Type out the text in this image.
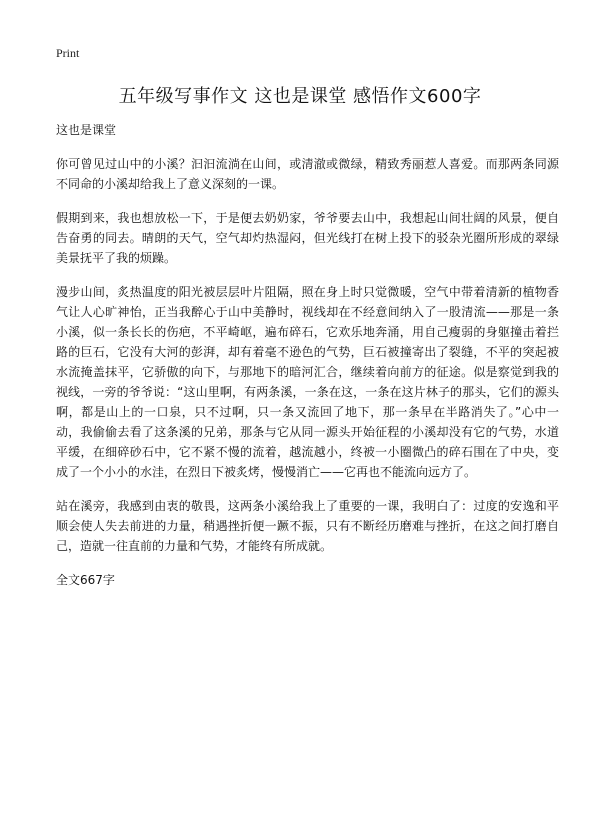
Print
五年级写事作文 这也是课堂 感悟作文600字

这也是课堂

你可曾见过山中的小溪？汩汩流淌在山间，或清澈或微绿，精致秀丽惹人喜爱。而那两条同源不同命的小溪却给我上了意义深刻的一课。

假期到来，我也想放松一下，于是便去奶奶家，爷爷要去山中，我想起山间壮阔的风景，便自告奋勇的同去。晴朗的天气，空气却灼热湿闷，但光线打在树上投下的驳杂光圈所形成的翠绿美景抚平了我的烦躁。

漫步山间，炙热温度的阳光被层层叶片阻隔，照在身上时只觉微暖，空气中带着清新的植物香气让人心旷神怡，正当我醉心于山中美静时，视线却在不经意间纳入了一股清流——那是一条小溪，似一条长长的伤疤，不平崎岖，遍布碎石，它欢乐地奔涌，用自己瘦弱的身躯撞击着拦路的巨石，它没有大河的彭湃，却有着毫不逊色的气势，巨石被撞寄出了裂缝，不平的突起被水流掩盖抹平，它骄傲的向下，与那地下的暗河汇合，继续着向前方的征途。似是察觉到我的视线，一旁的爷爷说：“这山里啊，有两条溪，一条在这，一条在这片林子的那头，它们的源头啊，都是山上的一口泉，只不过啊，只一条又流回了地下，那一条早在半路消失了。”心中一动，我偷偷去看了这条溪的兄弟，那条与它从同一源头开始征程的小溪却没有它的气势，水道平缓，在细碎砂石中，它不紧不慢的流着，越流越小，终被一小圈微凸的碎石围在了中央，变成了一个小小的水洼，在烈日下被炙烤，慢慢消亡——它再也不能流向远方了。

站在溪旁，我感到由衷的敬畏，这两条小溪给我上了重要的一课，我明白了：过度的安逸和平顺会使人失去前进的力量，稍遇挫折便一蹶不振，只有不断经历磨难与挫折，在这之间打磨自己，造就一往直前的力量和气势，才能终有所成就。

全文667字
